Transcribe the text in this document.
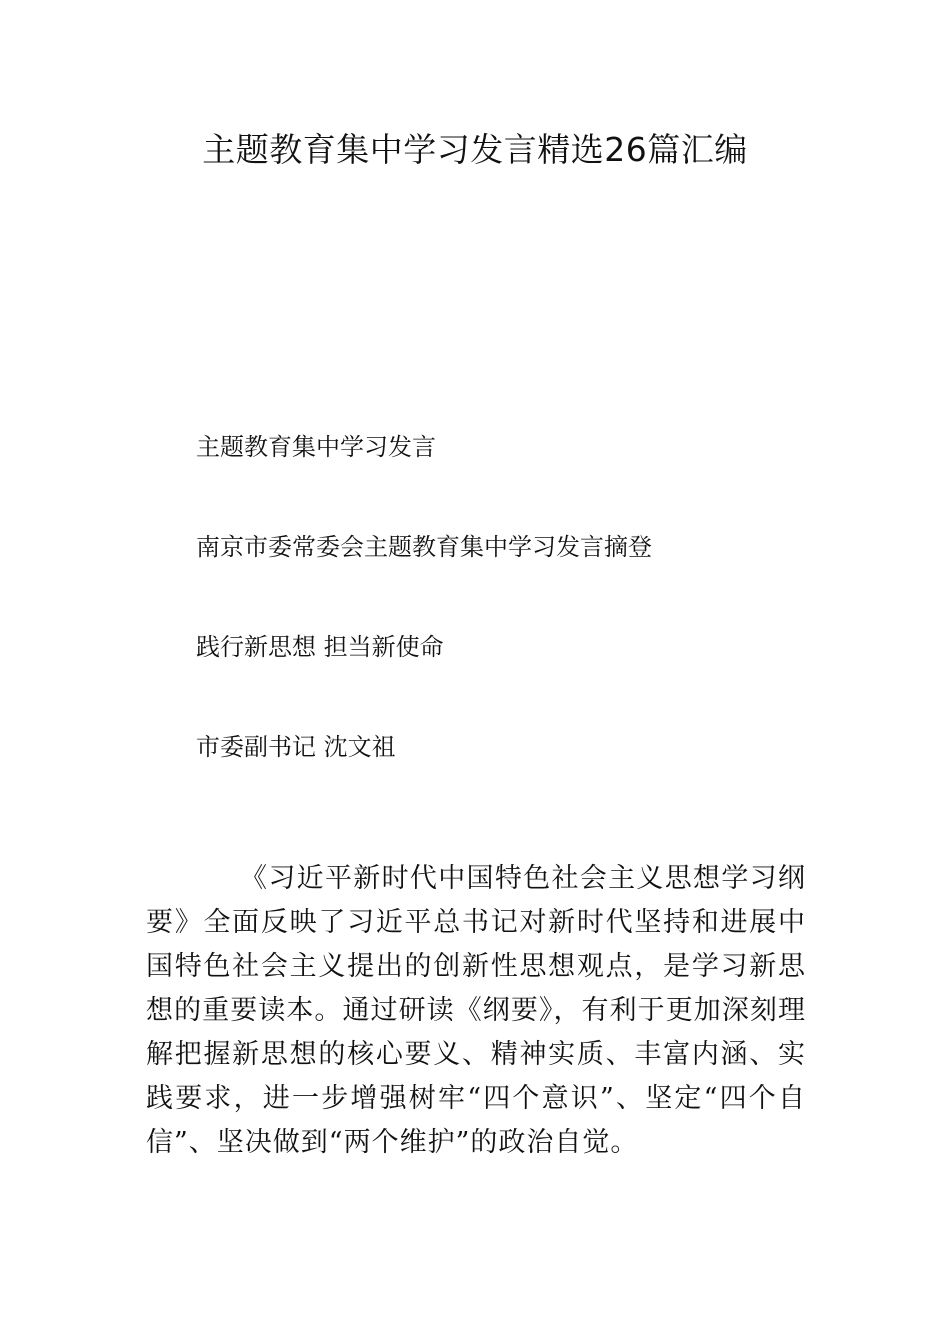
主题教育集中学习发言精选26篇汇编
主题教育集中学习发言
南京市委常委会主题教育集中学习发言摘登
践行新思想 担当新使命
市委副书记 沈文祖

《习近平新时代中国特色社会主义思想学习纲要》全面反映了习近平总书记对新时代坚持和进展中国特色社会主义提出的创新性思想观点，是学习新思想的重要读本。通过研读《纲要》，有利于更加深刻理解把握新思想的核心要义、精神实质、丰富内涵、实践要求，进一步增强树牢“四个意识”、坚定“四个自信”、坚决做到“两个维护”的政治自觉。
